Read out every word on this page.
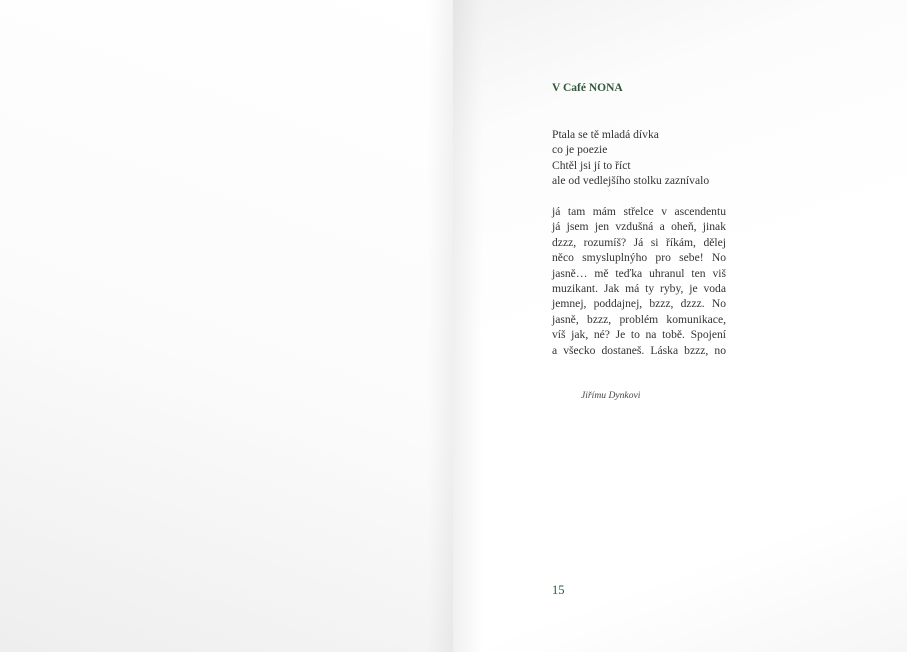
V Café NONA
Ptala se tě mladá dívka
co je poezie
Chtěl jsi jí to říct
ale od vedlejšího stolku zaznívalo
já tam mám střelce v ascendentu
já jsem jen vzdušná a oheň, jinak
dzzz, rozumíš? Já si říkám, dělej
něco smysluplnýho pro sebe! No
jasně… mě teďka uhranul ten viš
muzikant. Jak má ty ryby, je voda
jemnej, poddajnej, bzzz, dzzz. No
jasně, bzzz, problém komunikace,
víš jak, né? Je to na tobě. Spojení
a všecko dostaneš. Láska bzzz, no

Jiřímu Dynkovi

15
